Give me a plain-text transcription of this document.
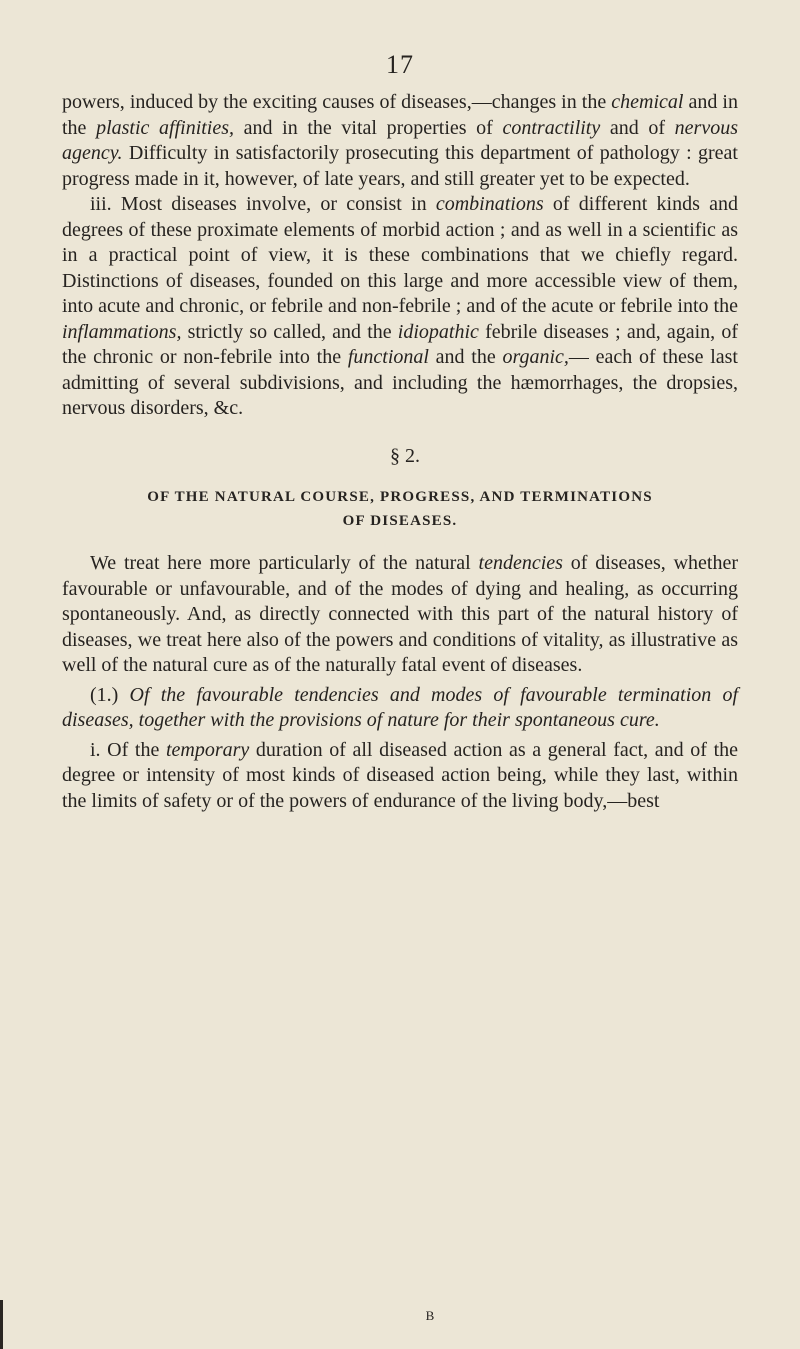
17

powers, induced by the exciting causes of diseases,—changes in the chemical and in the plastic affinities, and in the vital properties of contractility and of nervous agency. Difficulty in satisfactorily prosecuting this department of pathology : great progress made in it, however, of late years, and still greater yet to be expected.

iii. Most diseases involve, or consist in combinations of different kinds and degrees of these proximate elements of morbid action ; and as well in a scientific as in a practical point of view, it is these combinations that we chiefly regard. Distinctions of diseases, founded on this large and more accessible view of them, into acute and chronic, or febrile and non-febrile ; and of the acute or febrile into the inflammations, strictly so called, and the idiopathic febrile diseases ; and, again, of the chronic or non-febrile into the functional and the organic,— each of these last admitting of several subdivisions, and including the hæmorrhages, the dropsies, nervous disorders, &c.

§ 2.
OF THE NATURAL COURSE, PROGRESS, AND TERMINATIONS
OF DISEASES.

We treat here more particularly of the natural tendencies of diseases, whether favourable or unfavourable, and of the modes of dying and healing, as occurring spontaneously. And, as directly connected with this part of the natural history of diseases, we treat here also of the powers and conditions of vitality, as illustrative as well of the natural cure as of the naturally fatal event of diseases.

(1.) Of the favourable tendencies and modes of favourable termination of diseases, together with the provisions of nature for their spontaneous cure.

i. Of the temporary duration of all diseased action as a general fact, and of the degree or intensity of most kinds of diseased action being, while they last, within the limits of safety or of the powers of endurance of the living body,—best

B
